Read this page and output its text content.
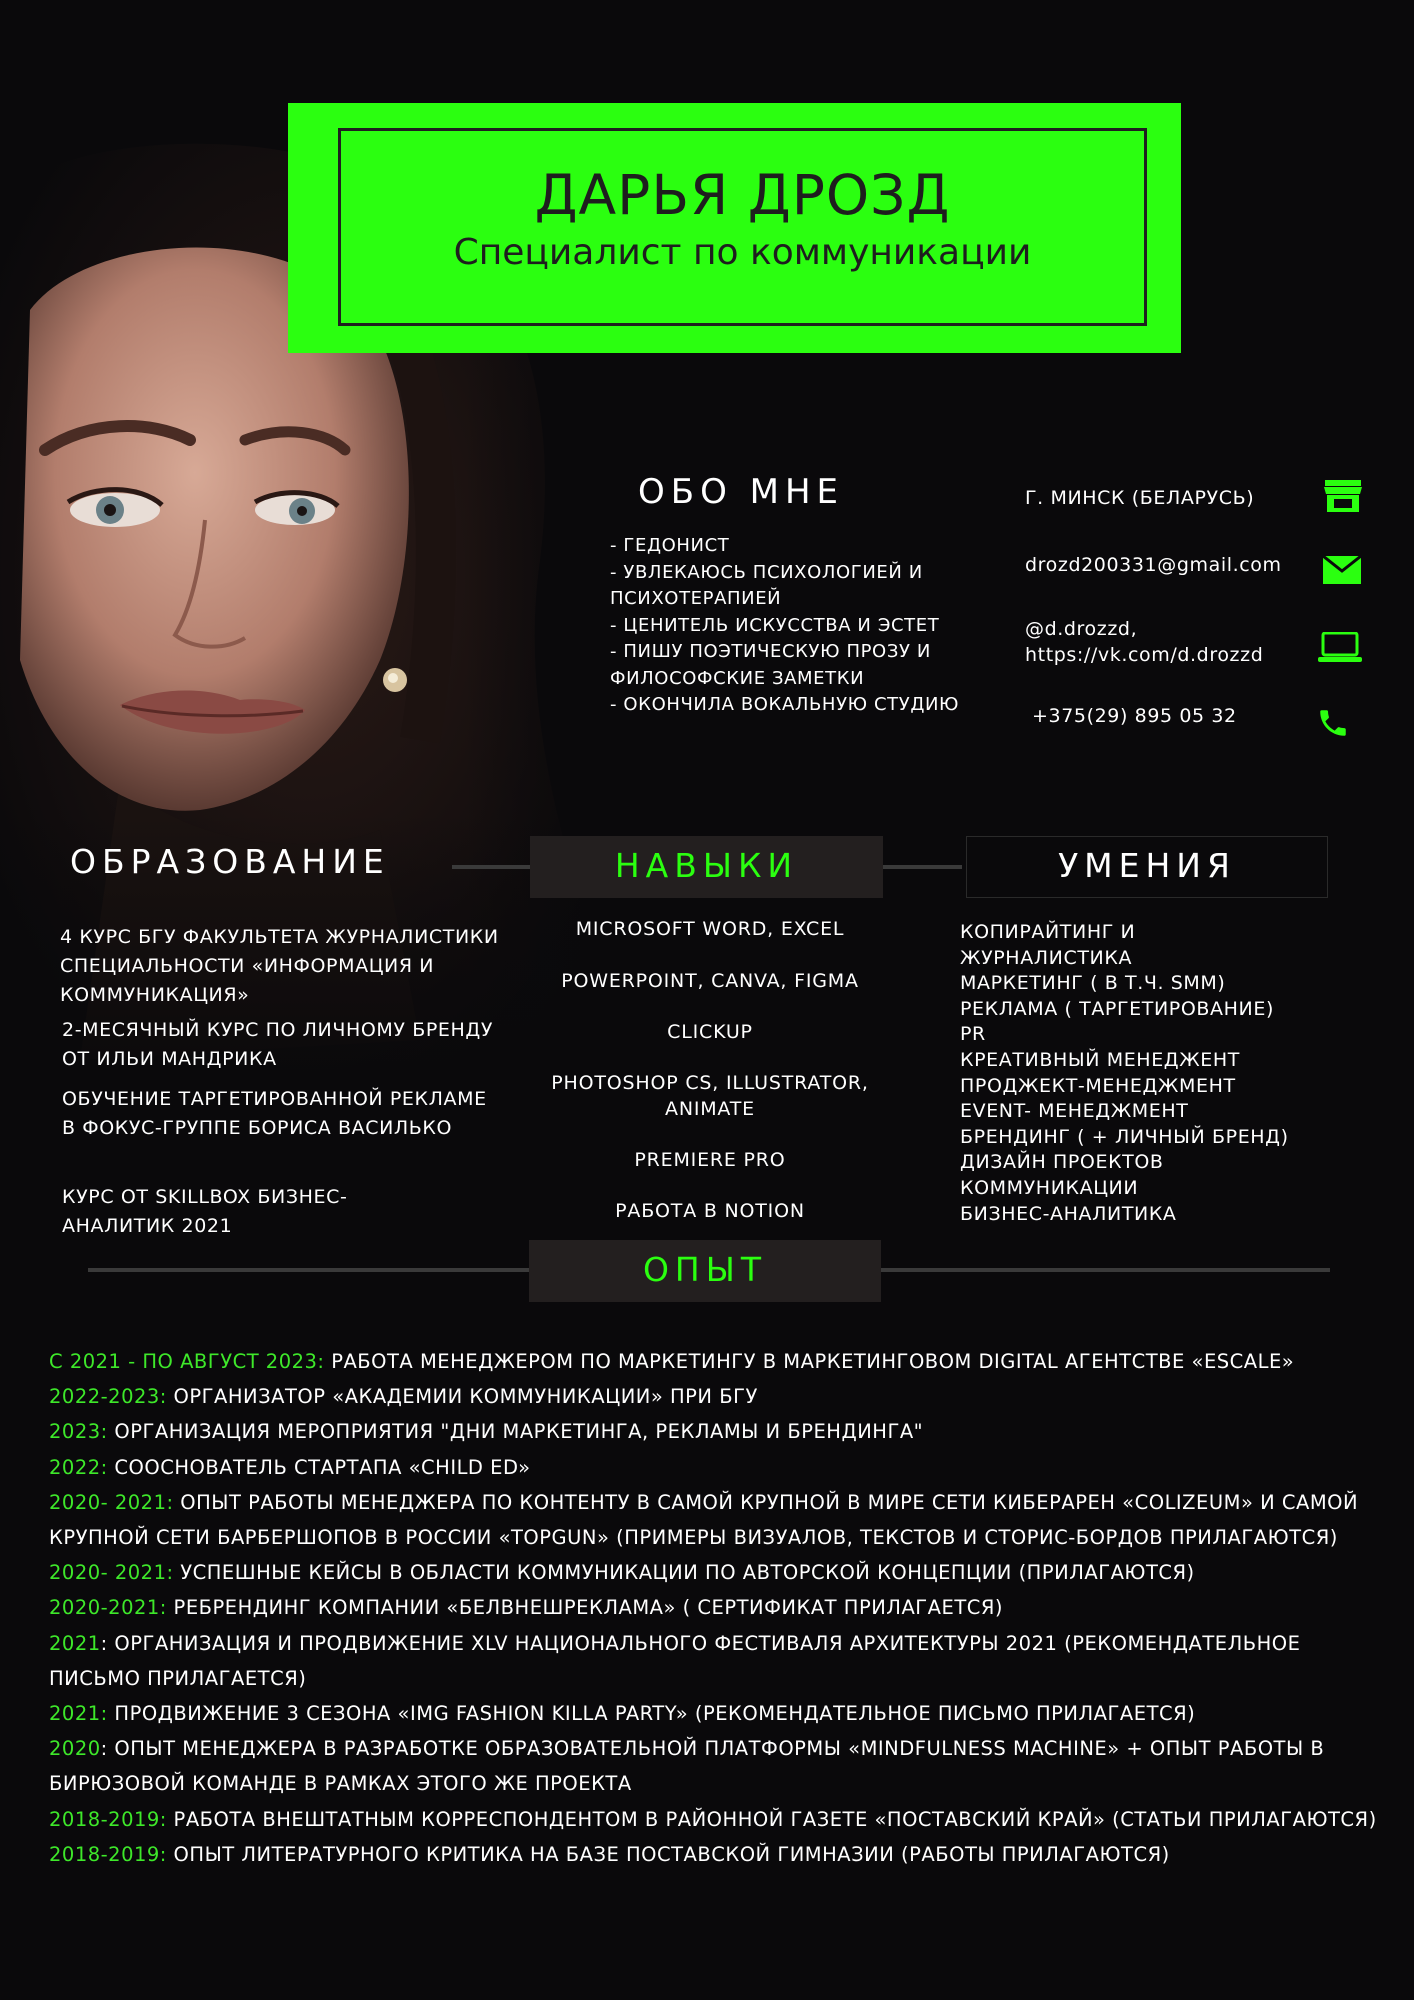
ДАРЬЯ ДРОЗД
Специалист по коммуникации
ОБО МНЕ
- ГЕДОНИСТ
- УВЛЕКАЮСЬ ПСИХОЛОГИЕЙ И ПСИХОТЕРАПИЕЙ
- ЦЕНИТЕЛЬ ИСКУССТВА И ЭСТЕТ
- ПИШУ ПОЭТИЧЕСКУЮ ПРОЗУ И ФИЛОСОФСКИЕ ЗАМЕТКИ
- ОКОНЧИЛА ВОКАЛЬНУЮ СТУДИЮ
Г. МИНСК (БЕЛАРУСЬ)
drozd200331@gmail.com
@d.drozzd,
https://vk.com/d.drozzd
+375(29) 895 05 32
ОБРАЗОВАНИЕ	НАВЫКИ	УМЕНИЯ
4 КУРС БГУ ФАКУЛЬТЕТА ЖУРНАЛИСТИКИ СПЕЦИАЛЬНОСТИ «ИНФОРМАЦИЯ И КОММУНИКАЦИЯ»
2-МЕСЯЧНЫЙ КУРС ПО ЛИЧНОМУ БРЕНДУ ОТ ИЛЬИ МАНДРИКА
ОБУЧЕНИЕ ТАРГЕТИРОВАННОЙ РЕКЛАМЕ В ФОКУС-ГРУППЕ БОРИСА ВАСИЛЬКО
КУРС ОТ SKILLBOX БИЗНЕС-АНАЛИТИК 2021
MICROSOFT WORD, EXCEL
POWERPOINT, CANVA, FIGMA
CLICKUP
PHOTOSHOP CS, ILLUSTRATOR, ANIMATE
PREMIERE PRO
РАБОТА В NOTION
КОПИРАЙТИНГ И ЖУРНАЛИСТИКА
МАРКЕТИНГ ( В Т.Ч. SMM)
РЕКЛАМА ( ТАРГЕТИРОВАНИЕ)
PR
КРЕАТИВНЫЙ МЕНЕДЖЕНТ
ПРОДЖЕКТ-МЕНЕДЖМЕНТ
EVENT- МЕНЕДЖМЕНТ
БРЕНДИНГ ( + ЛИЧНЫЙ БРЕНД)
ДИЗАЙН ПРОЕКТОВ КОММУНИКАЦИИ
БИЗНЕС-АНАЛИТИКА
ОПЫТ
С 2021 - ПО АВГУСТ 2023: РАБОТА МЕНЕДЖЕРОМ ПО МАРКЕТИНГУ В МАРКЕТИНГОВОМ DIGITAL АГЕНТСТВЕ «ESCALE»
2022-2023: ОРГАНИЗАТОР «АКАДЕМИИ КОММУНИКАЦИИ» ПРИ БГУ
2023: ОРГАНИЗАЦИЯ МЕРОПРИЯТИЯ "ДНИ МАРКЕТИНГА, РЕКЛАМЫ И БРЕНДИНГА"
2022: СООСНОВАТЕЛЬ СТАРТАПА «CHILD ED»
2020- 2021: ОПЫТ РАБОТЫ МЕНЕДЖЕРА ПО КОНТЕНТУ В САМОЙ КРУПНОЙ В МИРЕ СЕТИ КИБЕРАРЕН «COLIZEUM» И САМОЙ КРУПНОЙ СЕТИ БАРБЕРШОПОВ В РОССИИ «TOPGUN» (ПРИМЕРЫ ВИЗУАЛОВ, ТЕКСТОВ И СТОРИС-БОРДОВ ПРИЛАГАЮТСЯ)
2020- 2021: УСПЕШНЫЕ КЕЙСЫ В ОБЛАСТИ КОММУНИКАЦИИ ПО АВТОРСКОЙ КОНЦЕПЦИИ (ПРИЛАГАЮТСЯ)
2020-2021: РЕБРЕНДИНГ КОМПАНИИ «БЕЛВНЕШРЕКЛАМА» ( СЕРТИФИКАТ ПРИЛАГАЕТСЯ)
2021: ОРГАНИЗАЦИЯ И ПРОДВИЖЕНИЕ XLV НАЦИОНАЛЬНОГО ФЕСТИВАЛЯ АРХИТЕКТУРЫ 2021 (РЕКОМЕНДАТЕЛЬНОЕ ПИСЬМО ПРИЛАГАЕТСЯ)
2021: ПРОДВИЖЕНИЕ 3 СЕЗОНА «IMG FASHION KILLA PARTY» (РЕКОМЕНДАТЕЛЬНОЕ ПИСЬМО ПРИЛАГАЕТСЯ)
2020: ОПЫТ МЕНЕДЖЕРА В РАЗРАБОТКЕ ОБРАЗОВАТЕЛЬНОЙ ПЛАТФОРМЫ «MINDFULNESS MACHINE» + ОПЫТ РАБОТЫ В БИРЮЗОВОЙ КОМАНДЕ В РАМКАХ ЭТОГО ЖЕ ПРОЕКТА
2018-2019: РАБОТА ВНЕШТАТНЫМ КОРРЕСПОНДЕНТОМ В РАЙОННОЙ ГАЗЕТЕ «ПОСТАВСКИЙ КРАЙ» (СТАТЬИ ПРИЛАГАЮТСЯ)
2018-2019: ОПЫТ ЛИТЕРАТУРНОГО КРИТИКА НА БАЗЕ ПОСТАВСКОЙ ГИМНАЗИИ (РАБОТЫ ПРИЛАГАЮТСЯ)
